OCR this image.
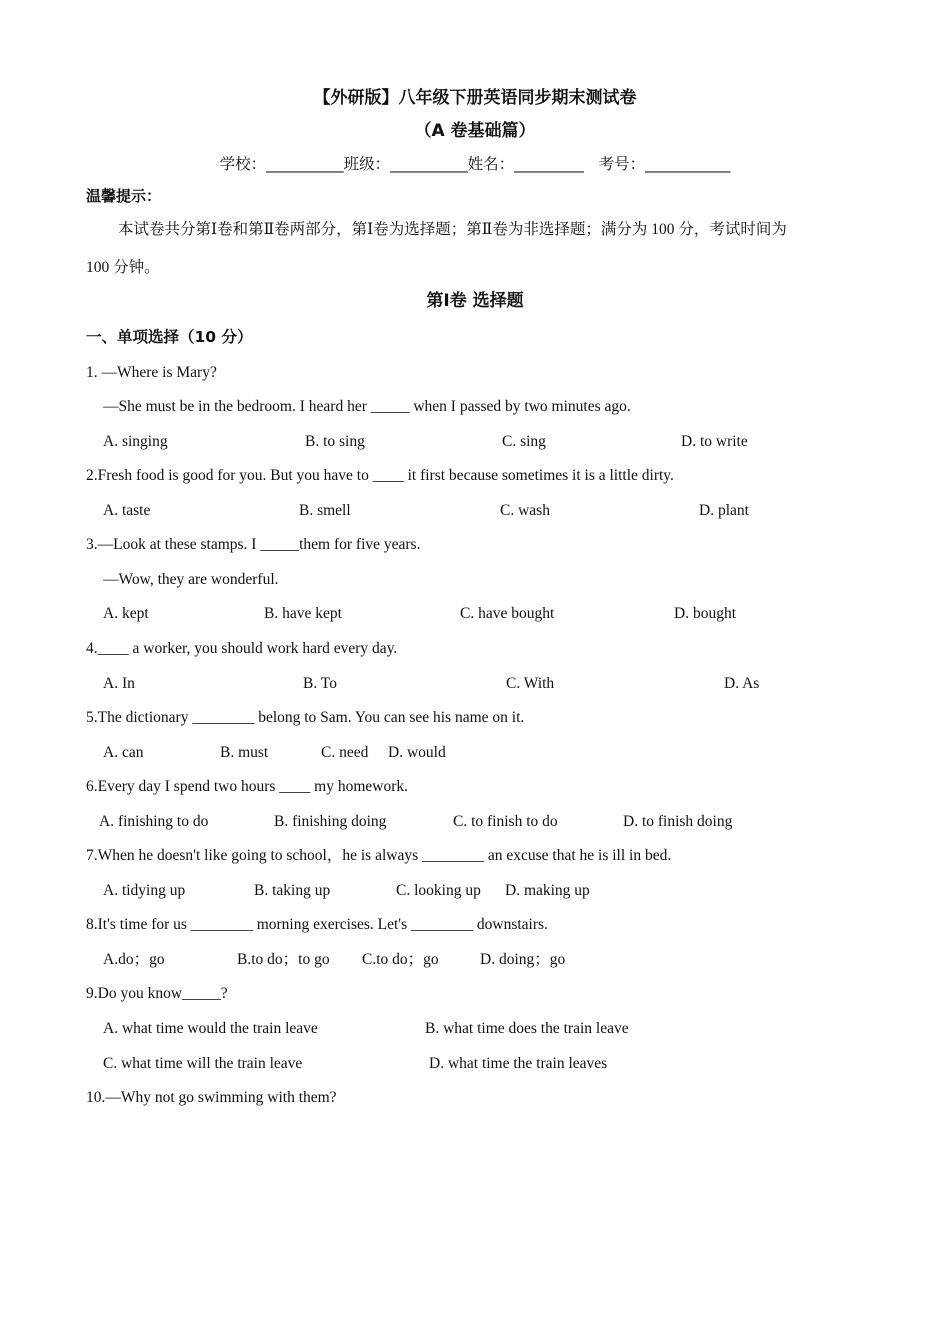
【外研版】八年级下册英语同步期末测试卷
（A 卷基础篇）
学校：__________班级：__________姓名：_________   考号：___________
温馨提示：
本试卷共分第Ⅰ卷和第Ⅱ卷两部分，第Ⅰ卷为选择题；第Ⅱ卷为非选择题；满分为 100 分，考试时间为
100 分钟。
第Ⅰ卷 选择题
一、单项选择（10 分）
1. —Where is Mary?
—She must be in the bedroom. I heard her _____ when I passed by two minutes ago.
A. singing	B. to sing	C. sing	D. to write
2.Fresh food is good for you. But you have to ____ it first because sometimes it is a little dirty.
A. taste	B. smell	C. wash	D. plant
3.—Look at these stamps. I _____them for five years.
—Wow, they are wonderful.
A. kept	B. have kept	C. have bought	D. bought
4.____ a worker, you should work hard every day.
A. In	B. To	C. With	D. As
5.The dictionary ________ belong to Sam. You can see his name on it.
A. can	B. must	C. need D. would
6.Every day I spend two hours ____ my homework.
A. finishing to do	B. finishing doing	C. to finish to do	D. to finish doing
7.When he doesn't like going to school，he is always ________ an excuse that he is ill in bed.
A. tidying up	B. taking up	C. looking up D. making up
8.It's time for us ________ morning exercises. Let's ________ downstairs.
A.do；go	B.to do；to go C.to do；go	D. doing；go
9.Do you know_____?
A. what time would the train leave	B. what time does the train leave
C. what time will the train leave	D. what time the train leaves
10.—Why not go swimming with them?
